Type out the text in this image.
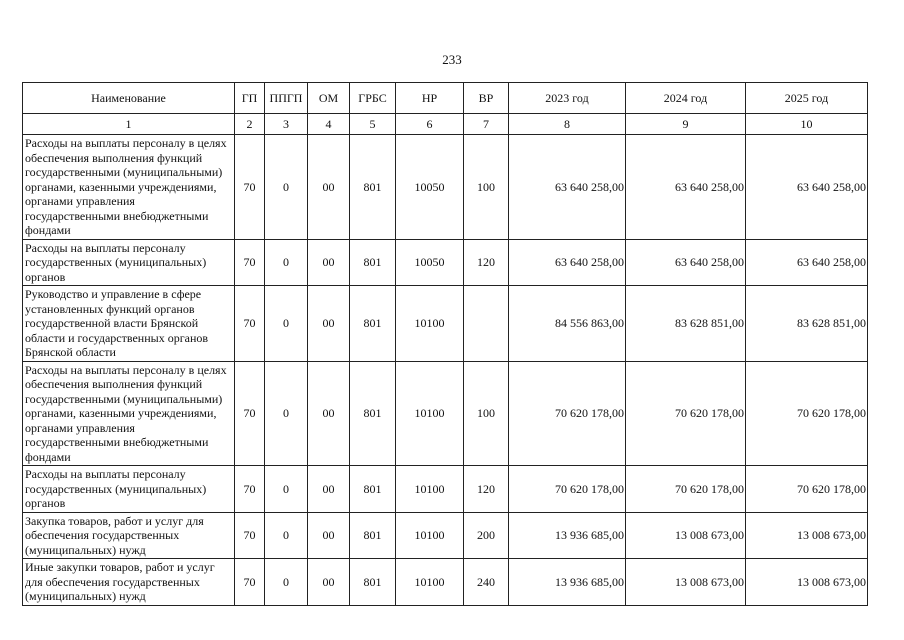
233
Наименование	ГП	ППГП	ОМ	ГРБС	НР	ВР	2023 год	2024 год	2025 год
1	2	3	4	5	6	7	8	9	10
Расходы на выплаты персоналу в целях обеспечения выполнения функций государственными (муниципальными) органами, казенными учреждениями, органами управления государственными внебюджетными фондами	70	0	00	801	10050	100	63 640 258,00	63 640 258,00	63 640 258,00
Расходы на выплаты персоналу государственных (муниципальных) органов	70	0	00	801	10050	120	63 640 258,00	63 640 258,00	63 640 258,00
Руководство и управление в сфере установленных функций органов государственной власти Брянской области и государственных органов Брянской области	70	0	00	801	10100		84 556 863,00	83 628 851,00	83 628 851,00
Расходы на выплаты персоналу в целях обеспечения выполнения функций государственными (муниципальными) органами, казенными учреждениями, органами управления государственными внебюджетными фондами	70	0	00	801	10100	100	70 620 178,00	70 620 178,00	70 620 178,00
Расходы на выплаты персоналу государственных (муниципальных) органов	70	0	00	801	10100	120	70 620 178,00	70 620 178,00	70 620 178,00
Закупка товаров, работ и услуг для обеспечения государственных (муниципальных) нужд	70	0	00	801	10100	200	13 936 685,00	13 008 673,00	13 008 673,00
Иные закупки товаров, работ и услуг для обеспечения государственных (муниципальных) нужд	70	0	00	801	10100	240	13 936 685,00	13 008 673,00	13 008 673,00
